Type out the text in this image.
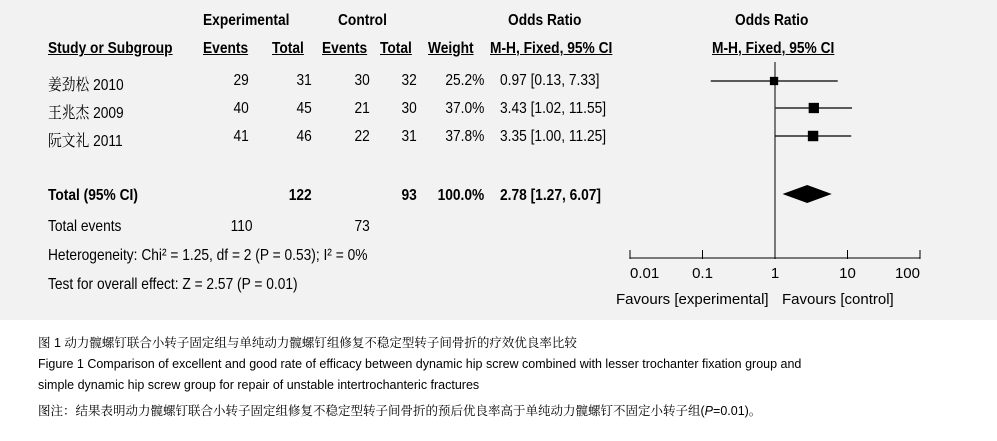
Experimental	Control	Odds Ratio	Odds Ratio
Study or Subgroup Events Total Events Total Weight M-H, Fixed, 95% CI	M-H, Fixed, 95% CI
姜劲松 2010	29	31	30 32 25.2% 0.97 [0.13, 7.33]
王兆杰 2009	40	45	21 30 37.0% 3.43 [1.02, 11.55]
阮文礼 2011	41	46	22 31 37.8% 3.35 [1.00, 11.25]
Total (95% CI)	122	93 100.0% 2.78 [1.27, 6.07]
Total events	110	73
Heterogeneity: Chi² = 1.25, df = 2 (P = 0.53); I² = 0%
Test for overall effect: Z = 2.57 (P = 0.01)
0.01 0.1	1	10	100
Favours [experimental] Favours [control]
图 1 动力髋螺钉联合小转子固定组与单纯动力髋螺钉组修复不稳定型转子间骨折的疗效优良率比较
Figure 1 Comparison of excellent and good rate of efficacy between dynamic hip screw combined with lesser trochanter fixation group and
simple dynamic hip screw group for repair of unstable intertrochanteric fractures
图注：结果表明动力髋螺钉联合小转子固定组修复不稳定型转子间骨折的预后优良率高于单纯动力髋螺钉不固定小转子组(P=0.01)。
